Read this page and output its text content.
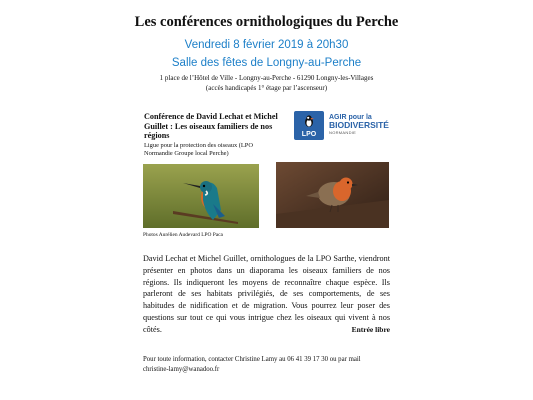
Les conférences ornithologiques du Perche
Vendredi 8 février 2019 à 20h30
Salle des fêtes de Longny-au-Perche
1 place de l’Hôtel de Ville - Longny-au-Perche - 61290 Longny-les-Villages
(accès handicapés 1° étage par l’ascenseur)
Conférence de David Lechat et Michel Guillet : Les oiseaux familiers de nos régions
Ligue pour la protection des oiseaux (LPO Normandie Groupe local Perche)
LPO
AGIR pour la
BIODIVERSITÉ
NORMANDIE
Photos Aurélien Audevard LPO Paca
David Lechat et Michel Guillet, ornithologues de la LPO Sarthe, viendront présenter en photos dans un diaporama les oiseaux familiers de nos régions. Ils indiqueront les moyens de reconnaître chaque espèce. Ils parleront de ses habitats privilégiés, de ses comportements, de ses habitudes de nidification et de migration. Vous pourrez leur poser des questions sur tout ce qui vous intrigue chez les oiseaux qui vivent à nos côtés.	Entrée libre
Pour toute information, contacter Christine Lamy au 06 41 39 17 30 ou par mail
christine-lamy@wanadoo.fr
